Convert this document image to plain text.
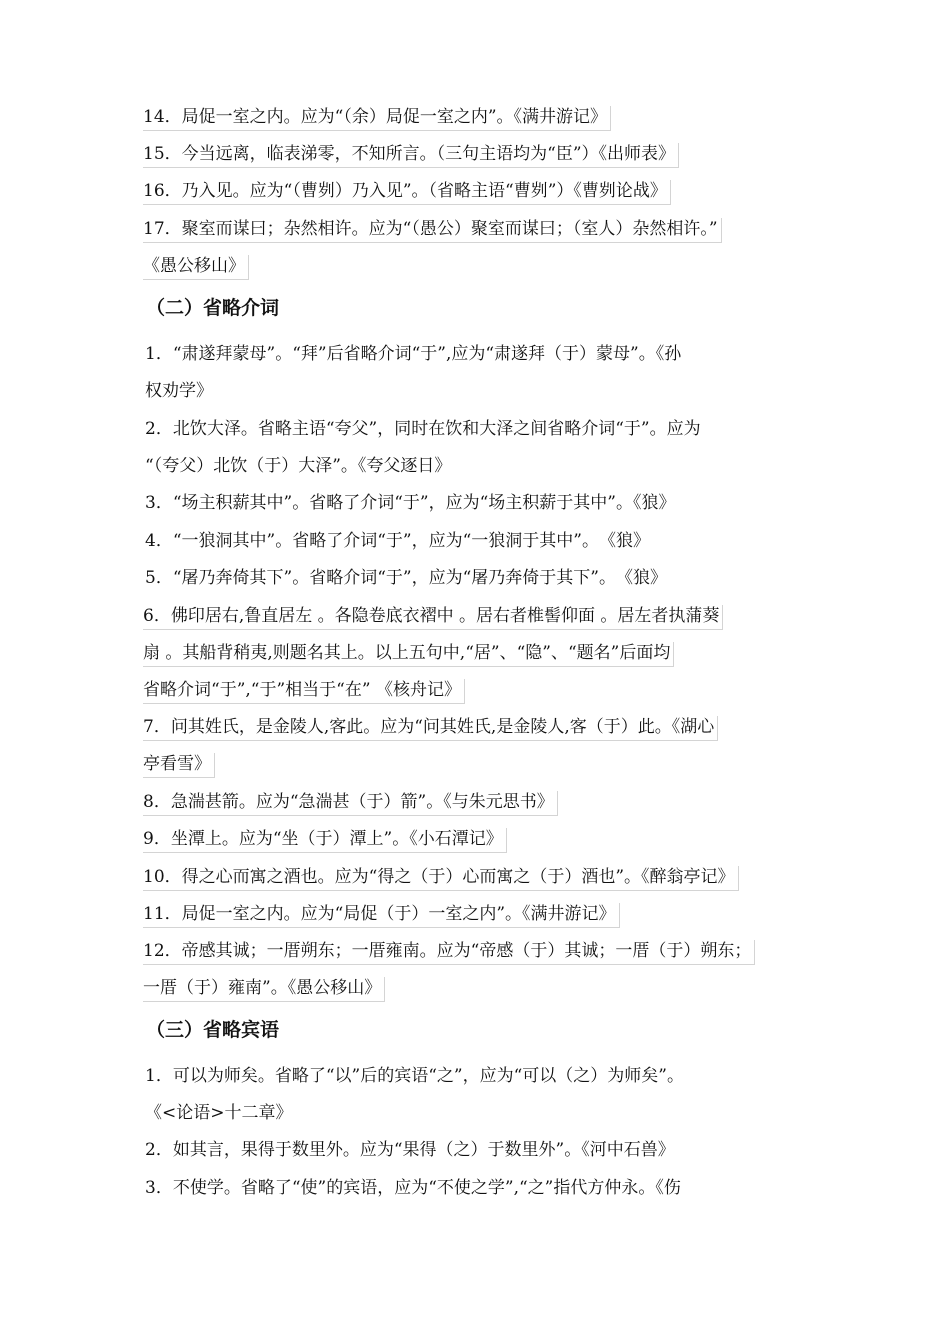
14．局促一室之内。应为“（余）局促一室之内”。《满井游记》
15．今当远离，临表涕零，不知所言。（三句主语均为“臣”）《出师表》
16．乃入见。应为“（曹刿）乃入见”。（省略主语“曹刿”）《曹刿论战》
17．聚室而谋曰；杂然相许。应为“（愚公）聚室而谋曰；（室人）杂然相许。”
《愚公移山》
（二）省略介词
1．“肃遂拜蒙母”。“拜”后省略介词“于”,应为“肃遂拜（于）蒙母”。《孙
权劝学》
2．北饮大泽。省略主语“夸父”，同时在饮和大泽之间省略介词“于”。应为
“（夸父）北饮（于）大泽”。《夸父逐日》
3．“场主积薪其中”。省略了介词“于”，应为“场主积薪于其中”。《狼》
4．“一狼洞其中”。省略了介词“于”，应为“一狼洞于其中”。　《狼》
5．“屠乃奔倚其下”。省略介词“于”，应为“屠乃奔倚于其下”。　《狼》
6．佛印居右,鲁直居左 。各隐卷底衣褶中 。居右者椎髻仰面 。居左者执蒲葵
扇 。其船背稍夷,则题名其上。以上五句中,“居”、“隐”、“题名”后面均
省略介词“于”,“于”相当于“在” 《核舟记》
7．问其姓氏，是金陵人,客此。应为“问其姓氏,是金陵人,客（于）此。《湖心
亭看雪》
8．急湍甚箭。应为“急湍甚（于）箭”。《与朱元思书》
9．坐潭上。应为“坐（于）潭上”。《小石潭记》
10．得之心而寓之酒也。应为“得之（于）心而寓之（于）酒也”。《醉翁亭记》
11．局促一室之内。应为“局促（于）一室之内”。《满井游记》
12．帝感其诚；一厝朔东；一厝雍南。应为“帝感（于）其诚；一厝（于）朔东；
一厝（于）雍南”。《愚公移山》
（三）省略宾语
1．可以为师矣。省略了“以”后的宾语“之”，应为“可以（之）为师矣”。
《<论语>十二章》
2．如其言，果得于数里外。应为“果得（之）于数里外”。《河中石兽》
3．不使学。省略了“使”的宾语，应为“不使之学”,“之”指代方仲永。《伤
